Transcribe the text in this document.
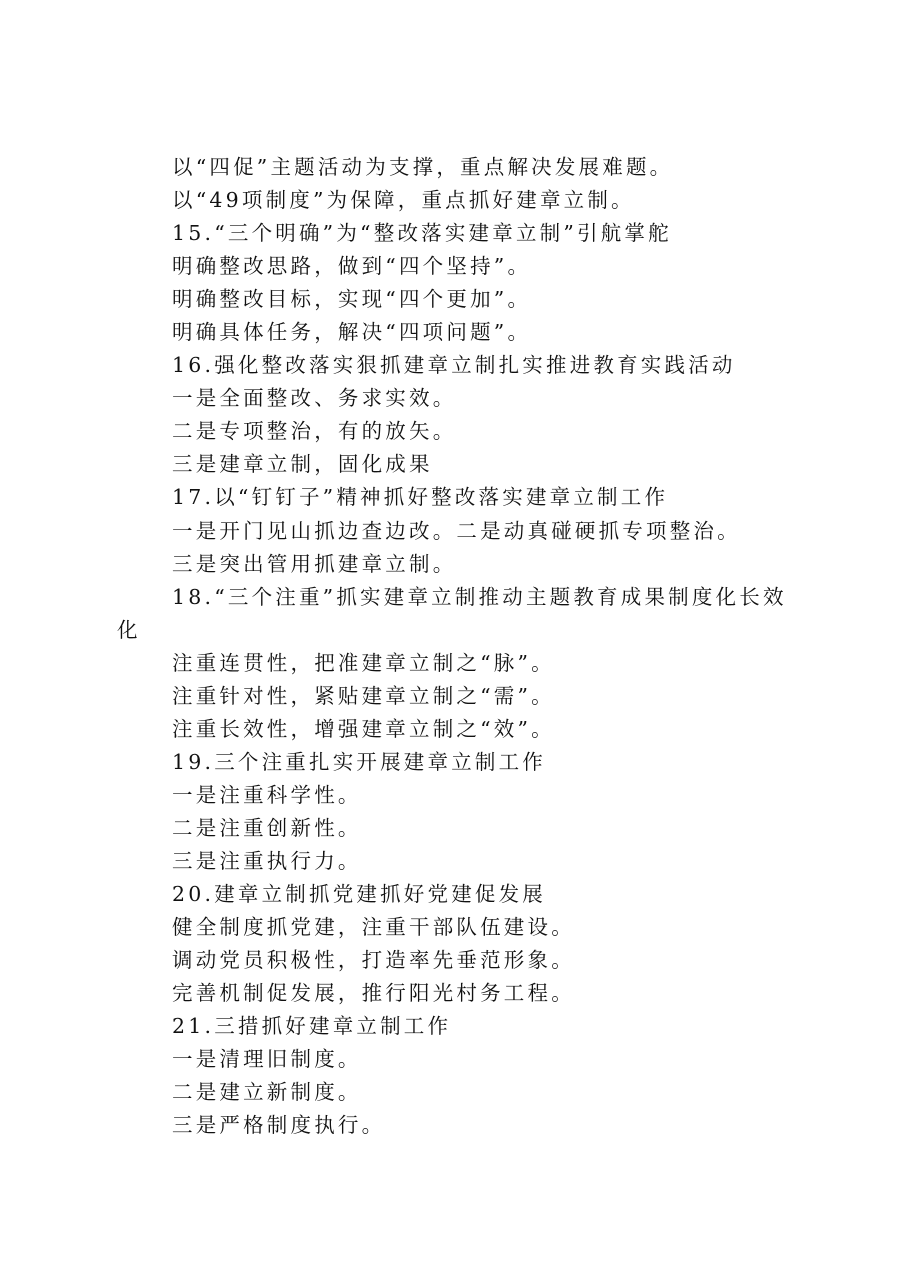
以“四促”主题活动为支撑，重点解决发展难题。

以“49项制度”为保障，重点抓好建章立制。

15.“三个明确”为“整改落实建章立制”引航掌舵

明确整改思路，做到“四个坚持”。

明确整改目标，实现“四个更加”。

明确具体任务，解决“四项问题”。

16.强化整改落实狠抓建章立制扎实推进教育实践活动

一是全面整改、务求实效。

二是专项整治，有的放矢。

三是建章立制，固化成果

17.以“钉钉子”精神抓好整改落实建章立制工作

一是开门见山抓边查边改。二是动真碰硬抓专项整治。

三是突出管用抓建章立制。

18.“三个注重”抓实建章立制推动主题教育成果制度化长效化

注重连贯性，把准建章立制之“脉”。

注重针对性，紧贴建章立制之“需”。

注重长效性，增强建章立制之“效”。

19.三个注重扎实开展建章立制工作

一是注重科学性。

二是注重创新性。

三是注重执行力。

20.建章立制抓党建抓好党建促发展

健全制度抓党建，注重干部队伍建设。

调动党员积极性，打造率先垂范形象。

完善机制促发展，推行阳光村务工程。

21.三措抓好建章立制工作

一是清理旧制度。

二是建立新制度。

三是严格制度执行。
